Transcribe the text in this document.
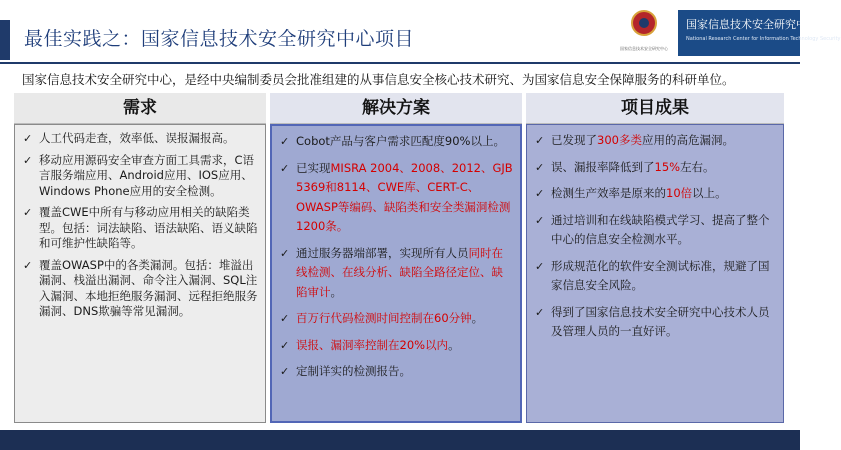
最佳实践之：国家信息技术安全研究中心项目	国家信息技术安全研究中心
国家信息技术安全研究中心
National Research Center for Information Technology Security
国家信息技术安全研究中心，是经中央编制委员会批准组建的从事信息安全核心技术研究、为国家信息安全保障服务的科研单位。
需求
✓ 人工代码走查，效率低、误报漏报高。
✓ 移动应用源码安全审查方面工具需求，C语言服务端应用、Android应用、IOS应用、Windows Phone应用的安全检测。
✓ 覆盖CWE中所有与移动应用相关的缺陷类型。包括：词法缺陷、语法缺陷、语义缺陷和可维护性缺陷等。
✓ 覆盖OWASP中的各类漏洞。包括：堆溢出漏洞、栈溢出漏洞、命令注入漏洞、SQL注入漏洞、本地拒绝服务漏洞、远程拒绝服务漏洞、DNS欺骗等常见漏洞。
解决方案
✓ Cobot产品与客户需求匹配度90%以上。
✓ 已实现MISRA 2004、2008、2012、GJB 5369和8114、CWE库、CERT-C、OWASP等编码、缺陷类和安全类漏洞检测1200条。
✓ 通过服务器端部署，实现所有人员同时在线检测、在线分析、缺陷全路径定位、缺陷审计。
✓ 百万行代码检测时间控制在60分钟。
✓ 误报、漏洞率控制在20%以内。
✓ 定制详实的检测报告。
项目成果
✓ 已发现了300多类应用的高危漏洞。
✓ 误、漏报率降低到了15%左右。
✓ 检测生产效率是原来的10倍以上。
✓ 通过培训和在线缺陷模式学习、提高了整个中心的信息安全检测水平。
✓ 形成规范化的软件安全测试标准，规避了国家信息安全风险。
✓ 得到了国家信息技术安全研究中心技术人员及管理人员的一直好评。
